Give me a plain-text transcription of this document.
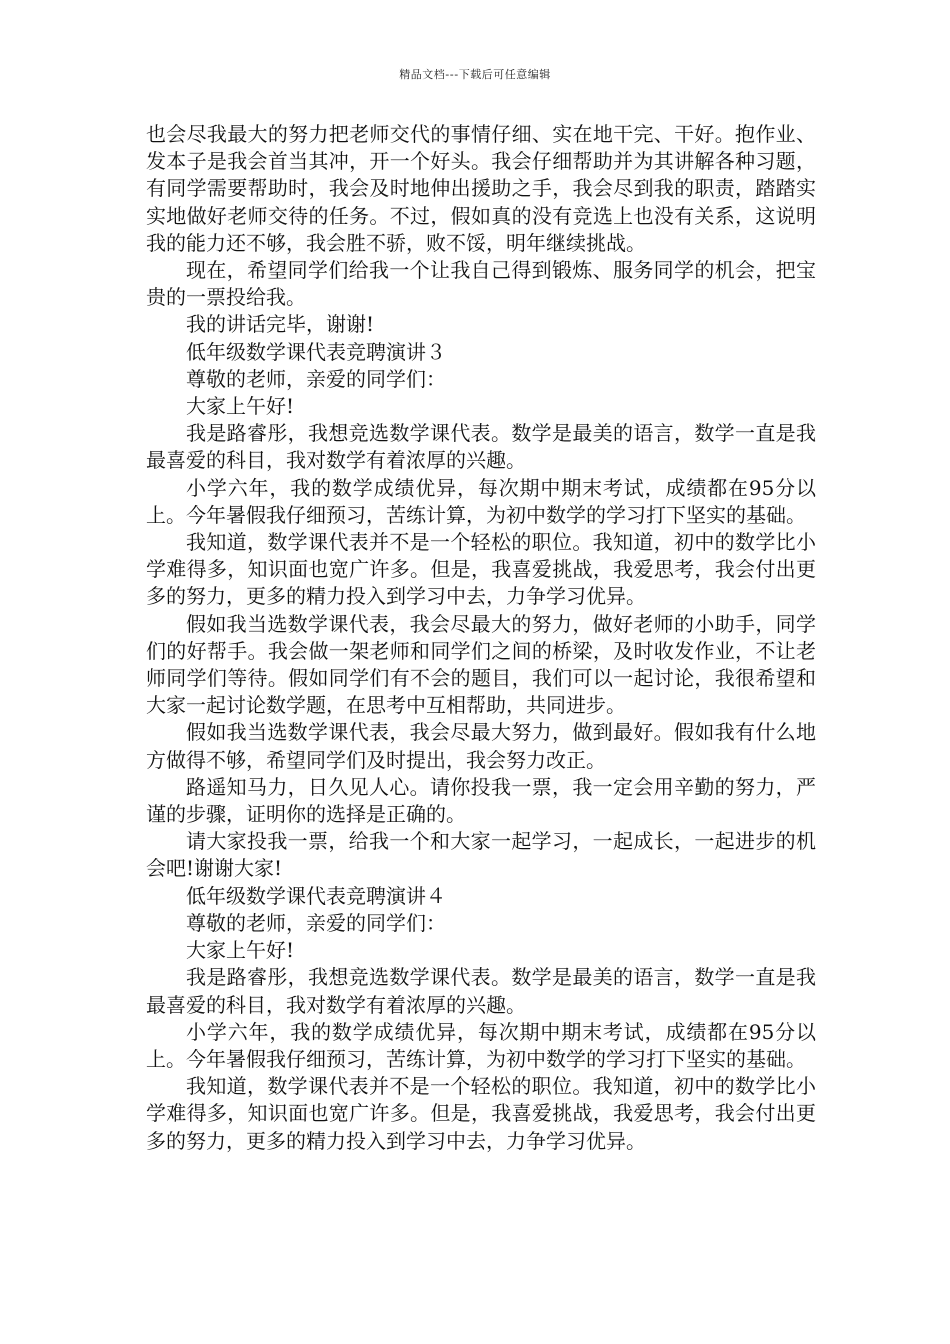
精品文档---下载后可任意编辑

也会尽我最大的努力把老师交代的事情仔细、实在地干完、干好。抱作业、发本子是我会首当其冲，开一个好头。我会仔细帮助并为其讲解各种习题，有同学需要帮助时，我会及时地伸出援助之手，我会尽到我的职责，踏踏实实地做好老师交待的任务。不过，假如真的没有竞选上也没有关系，这说明我的能力还不够，我会胜不骄，败不馁，明年继续挑战。

现在，希望同学们给我一个让我自己得到锻炼、服务同学的机会，把宝贵的一票投给我。

我的讲话完毕，谢谢!

低年级数学课代表竞聘演讲３

尊敬的老师，亲爱的同学们：

大家上午好!

我是路睿彤，我想竞选数学课代表。数学是最美的语言，数学一直是我最喜爱的科目，我对数学有着浓厚的兴趣。

小学六年，我的数学成绩优异，每次期中期末考试，成绩都在95分以上。今年暑假我仔细预习，苦练计算，为初中数学的学习打下坚实的基础。

我知道，数学课代表并不是一个轻松的职位。我知道，初中的数学比小学难得多，知识面也宽广许多。但是，我喜爱挑战，我爱思考，我会付出更多的努力，更多的精力投入到学习中去，力争学习优异。

假如我当选数学课代表，我会尽最大的努力，做好老师的小助手，同学们的好帮手。我会做一架老师和同学们之间的桥梁，及时收发作业，不让老师同学们等待。假如同学们有不会的题目，我们可以一起讨论，我很希望和大家一起讨论数学题，在思考中互相帮助，共同进步。

假如我当选数学课代表，我会尽最大努力，做到最好。假如我有什么地方做得不够，希望同学们及时提出，我会努力改正。

路遥知马力，日久见人心。请你投我一票，我一定会用辛勤的努力，严谨的步骤，证明你的选择是正确的。

请大家投我一票，给我一个和大家一起学习，一起成长，一起进步的机会吧!谢谢大家!

低年级数学课代表竞聘演讲４

尊敬的老师，亲爱的同学们：

大家上午好!

我是路睿彤，我想竞选数学课代表。数学是最美的语言，数学一直是我最喜爱的科目，我对数学有着浓厚的兴趣。

小学六年，我的数学成绩优异，每次期中期末考试，成绩都在95分以上。今年暑假我仔细预习，苦练计算，为初中数学的学习打下坚实的基础。

我知道，数学课代表并不是一个轻松的职位。我知道，初中的数学比小学难得多，知识面也宽广许多。但是，我喜爱挑战，我爱思考，我会付出更多的努力，更多的精力投入到学习中去，力争学习优异。
